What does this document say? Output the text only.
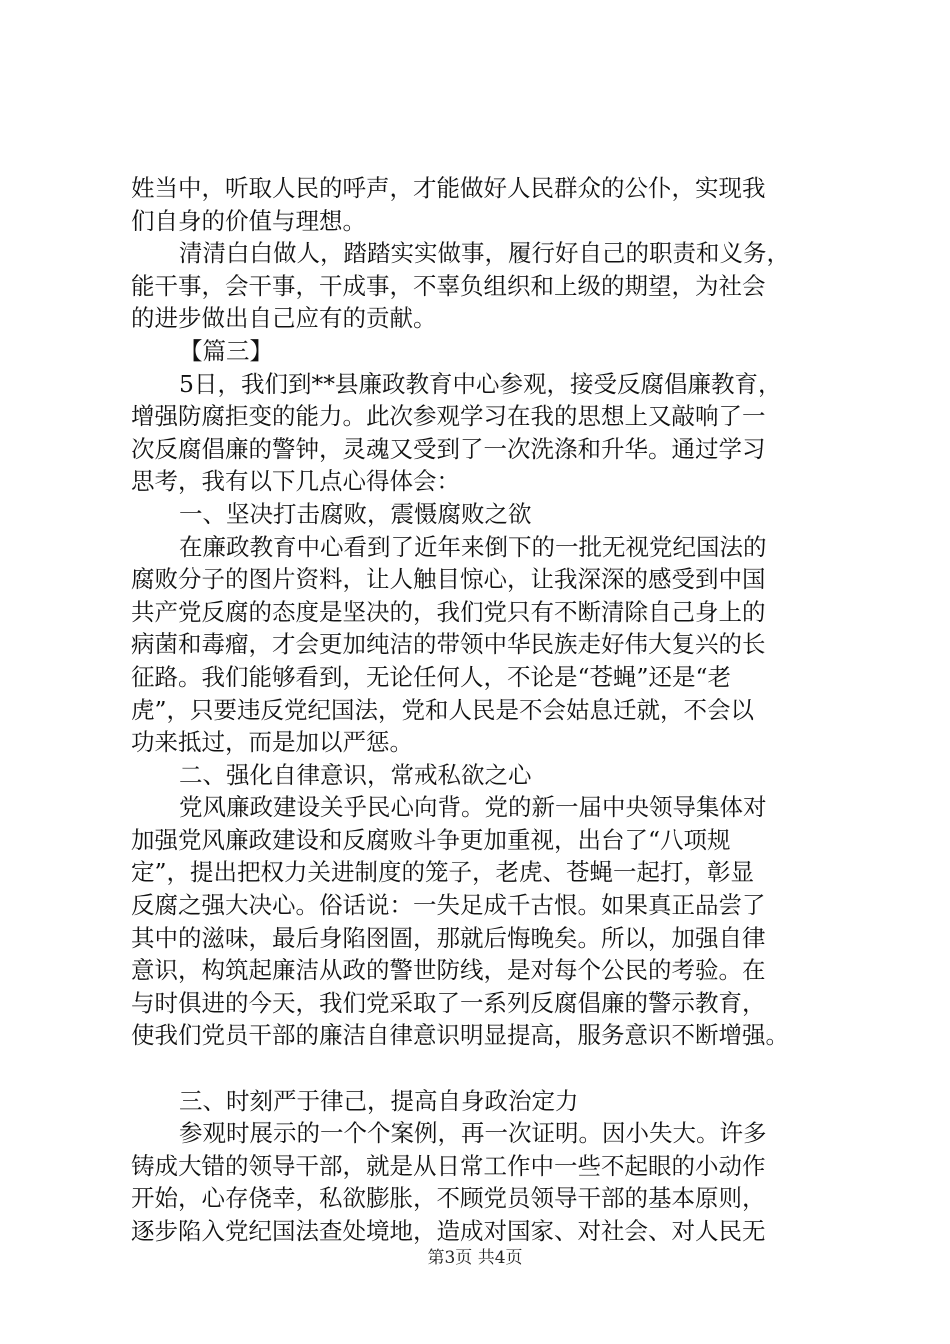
姓当中，听取人民的呼声，才能做好人民群众的公仆，实现我
们自身的价值与理想。
清清白白做人，踏踏实实做事，履行好自己的职责和义务，
能干事，会干事，干成事，不辜负组织和上级的期望，为社会
的进步做出自己应有的贡献。
【篇三】
5日，我们到**县廉政教育中心参观，接受反腐倡廉教育，
增强防腐拒变的能力。此次参观学习在我的思想上又敲响了一
次反腐倡廉的警钟，灵魂又受到了一次洗涤和升华。通过学习
思考，我有以下几点心得体会：
一、坚决打击腐败，震慑腐败之欲
在廉政教育中心看到了近年来倒下的一批无视党纪国法的
腐败分子的图片资料，让人触目惊心，让我深深的感受到中国
共产党反腐的态度是坚决的，我们党只有不断清除自己身上的
病菌和毒瘤，才会更加纯洁的带领中华民族走好伟大复兴的长
征路。我们能够看到，无论任何人，不论是“苍蝇”还是“老
虎”，只要违反党纪国法，党和人民是不会姑息迁就，不会以
功来抵过，而是加以严惩。
二、强化自律意识，常戒私欲之心
党风廉政建设关乎民心向背。党的新一届中央领导集体对
加强党风廉政建设和反腐败斗争更加重视，出台了“八项规
定”，提出把权力关进制度的笼子，老虎、苍蝇一起打，彰显
反腐之强大决心。俗话说：一失足成千古恨。如果真正品尝了
其中的滋味，最后身陷囹圄，那就后悔晚矣。所以，加强自律
意识，构筑起廉洁从政的警世防线，是对每个公民的考验。在
与时俱进的今天，我们党采取了一系列反腐倡廉的警示教育，
使我们党员干部的廉洁自律意识明显提高，服务意识不断增强。
三、时刻严于律己，提高自身政治定力
参观时展示的一个个案例，再一次证明。因小失大。许多
铸成大错的领导干部，就是从日常工作中一些不起眼的小动作
开始，心存侥幸，私欲膨胀，不顾党员领导干部的基本原则，
逐步陷入党纪国法查处境地，造成对国家、对社会、对人民无
第3页 共4页
